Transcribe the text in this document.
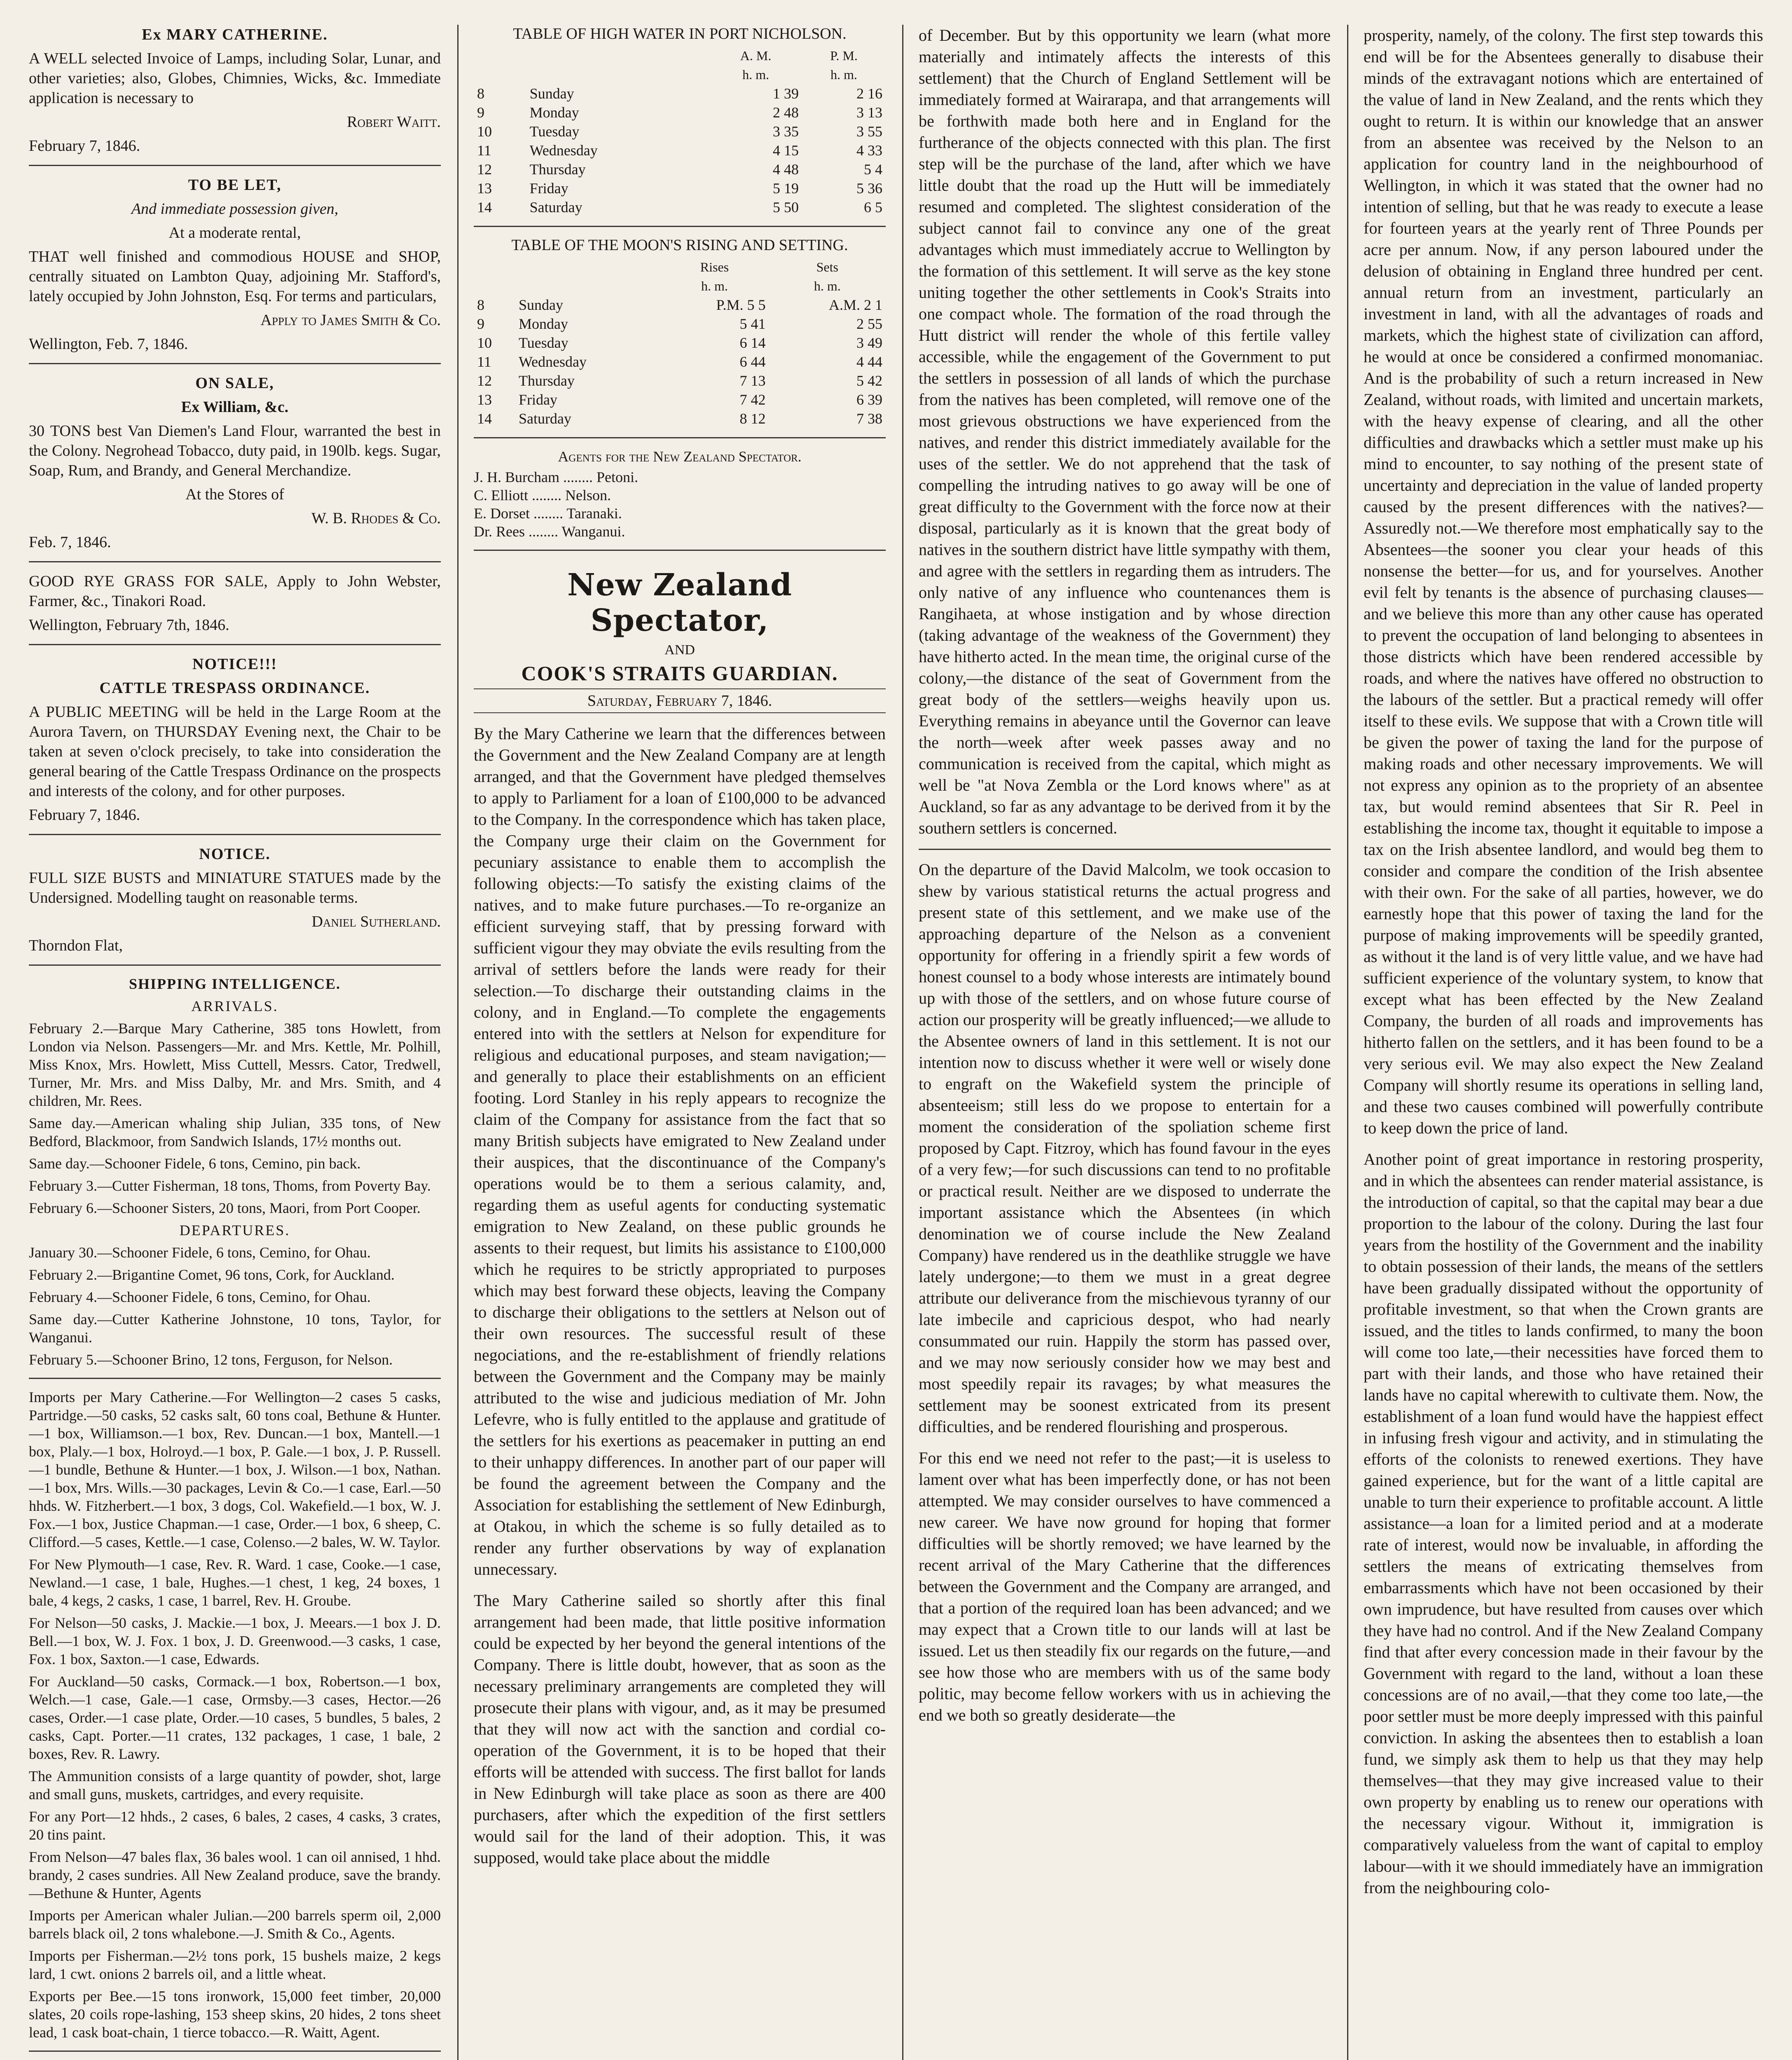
Ex MARY CATHERINE.

A WELL selected Invoice of Lamps, including Solar, Lunar, and other varieties; also, Globes, Chimnies, Wicks, &c. Immediate application is necessary to

Robert Waitt.

February 7, 1846.

TO BE LET,

And immediate possession given,

At a moderate rental,

THAT well finished and commodious HOUSE and SHOP, centrally situated on Lambton Quay, adjoining Mr. Stafford's, lately occupied by John Johnston, Esq. For terms and particulars,

Apply to James Smith & Co.

Wellington, Feb. 7, 1846.

ON SALE,

Ex William, &c.

30 TONS best Van Diemen's Land Flour, warranted the best in the Colony. Negrohead Tobacco, duty paid, in 190lb. kegs. Sugar, Soap, Rum, and Brandy, and General Merchandize.

At the Stores of

W. B. Rhodes & Co.

Feb. 7, 1846.

GOOD RYE GRASS FOR SALE, Apply to John Webster, Farmer, &c., Tinakori Road.

Wellington, February 7th, 1846.

NOTICE!!!

CATTLE TRESPASS ORDINANCE.

A PUBLIC MEETING will be held in the Large Room at the Aurora Tavern, on THURSDAY Evening next, the Chair to be taken at seven o'clock precisely, to take into consideration the general bearing of the Cattle Trespass Ordinance on the prospects and interests of the colony, and for other purposes.

February 7, 1846.

NOTICE.

FULL SIZE BUSTS and MINIATURE STATUES made by the Undersigned. Modelling taught on reasonable terms.

Daniel Sutherland.

Thorndon Flat,

SHIPPING INTELLIGENCE.

ARRIVALS.

February 2.—Barque Mary Catherine, 385 tons Howlett, from London via Nelson. Passengers—Mr. and Mrs. Kettle, Mr. Polhill, Miss Knox, Mrs. Howlett, Miss Cuttell, Messrs. Cator, Tredwell, Turner, Mr. Mrs. and Miss Dalby, Mr. and Mrs. Smith, and 4 children, Mr. Rees.

Same day.—American whaling ship Julian, 335 tons, of New Bedford, Blackmoor, from Sandwich Islands, 17½ months out.

Same day.—Schooner Fidele, 6 tons, Cemino, pin back.

February 3.—Cutter Fisherman, 18 tons, Thoms, from Poverty Bay.

February 6.—Schooner Sisters, 20 tons, Maori, from Port Cooper.

DEPARTURES.

January 30.—Schooner Fidele, 6 tons, Cemino, for Ohau.

February 2.—Brigantine Comet, 96 tons, Cork, for Auckland.

February 4.—Schooner Fidele, 6 tons, Cemino, for Ohau.

Same day.—Cutter Katherine Johnstone, 10 tons, Taylor, for Wanganui.

February 5.—Schooner Brino, 12 tons, Ferguson, for Nelson.

Imports per Mary Catherine.—For Wellington—2 cases 5 casks, Partridge.—50 casks, 52 casks salt, 60 tons coal, Bethune & Hunter.—1 box, Williamson.—1 box, Rev. Duncan.—1 box, Mantell.—1 box, Plaly.—1 box, Holroyd.—1 box, P. Gale.—1 box, J. P. Russell.—1 bundle, Bethune & Hunter.—1 box, J. Wilson.—1 box, Nathan.—1 box, Mrs. Wills.—30 packages, Levin & Co.—1 case, Earl.—50 hhds. W. Fitzherbert.—1 box, 3 dogs, Col. Wakefield.—1 box, W. J. Fox.—1 box, Justice Chapman.—1 case, Order.—1 box, 6 sheep, C. Clifford.—5 cases, Kettle.—1 case, Colenso.—2 bales, W. W. Taylor.

For New Plymouth—1 case, Rev. R. Ward. 1 case, Cooke.—1 case, Newland.—1 case, 1 bale, Hughes.—1 chest, 1 keg, 24 boxes, 1 bale, 4 kegs, 2 casks, 1 case, 1 barrel, Rev. H. Groube.

For Nelson—50 casks, J. Mackie.—1 box, J. Meears.—1 box J. D. Bell.—1 box, W. J. Fox. 1 box, J. D. Greenwood.—3 casks, 1 case, Fox. 1 box, Saxton.—1 case, Edwards.

For Auckland—50 casks, Cormack.—1 box, Robertson.—1 box, Welch.—1 case, Gale.—1 case, Ormsby.—3 cases, Hector.—26 cases, Order.—1 case plate, Order.—10 cases, 5 bundles, 5 bales, 2 casks, Capt. Porter.—11 crates, 132 packages, 1 case, 1 bale, 2 boxes, Rev. R. Lawry.

The Ammunition consists of a large quantity of powder, shot, large and small guns, muskets, cartridges, and every requisite.

For any Port—12 hhds., 2 cases, 6 bales, 2 cases, 4 casks, 3 crates, 20 tins paint.

From Nelson—47 bales flax, 36 bales wool. 1 can oil annised, 1 hhd. brandy, 2 cases sundries. All New Zealand produce, save the brandy.—Bethune & Hunter, Agents

Imports per American whaler Julian.—200 barrels sperm oil, 2,000 barrels black oil, 2 tons whalebone.—J. Smith & Co., Agents.

Imports per Fisherman.—2½ tons pork, 15 bushels maize, 2 kegs lard, 1 cwt. onions 2 barrels oil, and a little wheat.

Exports per Bee.—15 tons ironwork, 15,000 feet timber, 20,000 slates, 20 coils rope-lashing, 153 sheep skins, 20 hides, 2 tons sheet lead, 1 cask boat-chain, 1 tierce tobacco.—R. Waitt, Agent.

TABLE OF HIGH WATER IN PORT NICHOLSON.

		A. M.	P. M.
		h. m.	h. m.
8	Sunday	1 39	2 16
9	Monday	2 48	3 13
10	Tuesday	3 35	3 55
11	Wednesday	4 15	4 33
12	Thursday	4 48	5 4
13	Friday	5 19	5 36
14	Saturday	5 50	6 5

TABLE OF THE MOON'S RISING AND SETTING.

		Rises	Sets
		h. m.	h. m.
8	Sunday	P.M. 5 5	A.M. 2 1
9	Monday	5 41	2 55
10	Tuesday	6 14	3 49
11	Wednesday	6 44	4 44
12	Thursday	7 13	5 42
13	Friday	7 42	6 39
14	Saturday	8 12	7 38

Agents for the New Zealand Spectator.

J. H. Burcham ........ Petoni.

C. Elliott ........ Nelson.

E. Dorset ........ Taranaki.

Dr. Rees ........ Wanganui.

New Zealand Spectator,
AND
COOK'S STRAITS GUARDIAN.
Saturday, February 7, 1846.

By the Mary Catherine we learn that the differences between the Government and the New Zealand Company are at length arranged, and that the Government have pledged themselves to apply to Parliament for a loan of £100,000 to be advanced to the Company. In the correspondence which has taken place, the Company urge their claim on the Government for pecuniary assistance to enable them to accomplish the following objects:—To satisfy the existing claims of the natives, and to make future purchases.—To re-organize an efficient surveying staff, that by pressing forward with sufficient vigour they may obviate the evils resulting from the arrival of settlers before the lands were ready for their selection.—To discharge their outstanding claims in the colony, and in England.—To complete the engagements entered into with the settlers at Nelson for expenditure for religious and educational purposes, and steam navigation;—and generally to place their establishments on an efficient footing. Lord Stanley in his reply appears to recognize the claim of the Company for assistance from the fact that so many British subjects have emigrated to New Zealand under their auspices, that the discontinuance of the Company's operations would be to them a serious calamity, and, regarding them as useful agents for conducting systematic emigration to New Zealand, on these public grounds he assents to their request, but limits his assistance to £100,000 which he requires to be strictly appropriated to purposes which may best forward these objects, leaving the Company to discharge their obligations to the settlers at Nelson out of their own resources. The successful result of these negociations, and the re-establishment of friendly relations between the Government and the Company may be mainly attributed to the wise and judicious mediation of Mr. John Lefevre, who is fully entitled to the applause and gratitude of the settlers for his exertions as peacemaker in putting an end to their unhappy differences. In another part of our paper will be found the agreement between the Company and the Association for establishing the settlement of New Edinburgh, at Otakou, in which the scheme is so fully detailed as to render any further observations by way of explanation unnecessary.

The Mary Catherine sailed so shortly after this final arrangement had been made, that little positive information could be expected by her beyond the general intentions of the Company. There is little doubt, however, that as soon as the necessary preliminary arrangements are completed they will prosecute their plans with vigour, and, as it may be presumed that they will now act with the sanction and cordial co-operation of the Government, it is to be hoped that their efforts will be attended with success. The first ballot for lands in New Edinburgh will take place as soon as there are 400 purchasers, after which the expedition of the first settlers would sail for the land of their adoption. This, it was supposed, would take place about the middle

of December. But by this opportunity we learn (what more materially and intimately affects the interests of this settlement) that the Church of England Settlement will be immediately formed at Wairarapa, and that arrangements will be forthwith made both here and in England for the furtherance of the objects connected with this plan. The first step will be the purchase of the land, after which we have little doubt that the road up the Hutt will be immediately resumed and completed. The slightest consideration of the subject cannot fail to convince any one of the great advantages which must immediately accrue to Wellington by the formation of this settlement. It will serve as the key stone uniting together the other settlements in Cook's Straits into one compact whole. The formation of the road through the Hutt district will render the whole of this fertile valley accessible, while the engagement of the Government to put the settlers in possession of all lands of which the purchase from the natives has been completed, will remove one of the most grievous obstructions we have experienced from the natives, and render this district immediately available for the uses of the settler. We do not apprehend that the task of compelling the intruding natives to go away will be one of great difficulty to the Government with the force now at their disposal, particularly as it is known that the great body of natives in the southern district have little sympathy with them, and agree with the settlers in regarding them as intruders. The only native of any influence who countenances them is Rangihaeta, at whose instigation and by whose direction (taking advantage of the weakness of the Government) they have hitherto acted. In the mean time, the original curse of the colony,—the distance of the seat of Government from the great body of the settlers—weighs heavily upon us. Everything remains in abeyance until the Governor can leave the north—week after week passes away and no communication is received from the capital, which might as well be "at Nova Zembla or the Lord knows where" as at Auckland, so far as any advantage to be derived from it by the southern settlers is concerned.

On the departure of the David Malcolm, we took occasion to shew by various statistical returns the actual progress and present state of this settlement, and we make use of the approaching departure of the Nelson as a convenient opportunity for offering in a friendly spirit a few words of honest counsel to a body whose interests are intimately bound up with those of the settlers, and on whose future course of action our prosperity will be greatly influenced;—we allude to the Absentee owners of land in this settlement. It is not our intention now to discuss whether it were well or wisely done to engraft on the Wakefield system the principle of absenteeism; still less do we propose to entertain for a moment the consideration of the spoliation scheme first proposed by Capt. Fitzroy, which has found favour in the eyes of a very few;—for such discussions can tend to no profitable or practical result. Neither are we disposed to underrate the important assistance which the Absentees (in which denomination we of course include the New Zealand Company) have rendered us in the deathlike struggle we have lately undergone;—to them we must in a great degree attribute our deliverance from the mischievous tyranny of our late imbecile and capricious despot, who had nearly consummated our ruin. Happily the storm has passed over, and we may now seriously consider how we may best and most speedily repair its ravages; by what measures the settlement may be soonest extricated from its present difficulties, and be rendered flourishing and prosperous.

For this end we need not refer to the past;—it is useless to lament over what has been imperfectly done, or has not been attempted. We may consider ourselves to have commenced a new career. We have now ground for hoping that former difficulties will be shortly removed; we have learned by the recent arrival of the Mary Catherine that the differences between the Government and the Company are arranged, and that a portion of the required loan has been advanced; and we may expect that a Crown title to our lands will at last be issued. Let us then steadily fix our regards on the future,—and see how those who are members with us of the same body politic, may become fellow workers with us in achieving the end we both so greatly desiderate—the

prosperity, namely, of the colony. The first step towards this end will be for the Absentees generally to disabuse their minds of the extravagant notions which are entertained of the value of land in New Zealand, and the rents which they ought to return. It is within our knowledge that an answer from an absentee was received by the Nelson to an application for country land in the neighbourhood of Wellington, in which it was stated that the owner had no intention of selling, but that he was ready to execute a lease for fourteen years at the yearly rent of Three Pounds per acre per annum. Now, if any person laboured under the delusion of obtaining in England three hundred per cent. annual return from an investment, particularly an investment in land, with all the advantages of roads and markets, which the highest state of civilization can afford, he would at once be considered a confirmed monomaniac. And is the probability of such a return increased in New Zealand, without roads, with limited and uncertain markets, with the heavy expense of clearing, and all the other difficulties and drawbacks which a settler must make up his mind to encounter, to say nothing of the present state of uncertainty and depreciation in the value of landed property caused by the present differences with the natives?—Assuredly not.—We therefore most emphatically say to the Absentees—the sooner you clear your heads of this nonsense the better—for us, and for yourselves. Another evil felt by tenants is the absence of purchasing clauses—and we believe this more than any other cause has operated to prevent the occupation of land belonging to absentees in those districts which have been rendered accessible by roads, and where the natives have offered no obstruction to the labours of the settler. But a practical remedy will offer itself to these evils. We suppose that with a Crown title will be given the power of taxing the land for the purpose of making roads and other necessary improvements. We will not express any opinion as to the propriety of an absentee tax, but would remind absentees that Sir R. Peel in establishing the income tax, thought it equitable to impose a tax on the Irish absentee landlord, and would beg them to consider and compare the condition of the Irish absentee with their own. For the sake of all parties, however, we do earnestly hope that this power of taxing the land for the purpose of making improvements will be speedily granted, as without it the land is of very little value, and we have had sufficient experience of the voluntary system, to know that except what has been effected by the New Zealand Company, the burden of all roads and improvements has hitherto fallen on the settlers, and it has been found to be a very serious evil. We may also expect the New Zealand Company will shortly resume its operations in selling land, and these two causes combined will powerfully contribute to keep down the price of land.

Another point of great importance in restoring prosperity, and in which the absentees can render material assistance, is the introduction of capital, so that the capital may bear a due proportion to the labour of the colony. During the last four years from the hostility of the Government and the inability to obtain possession of their lands, the means of the settlers have been gradually dissipated without the opportunity of profitable investment, so that when the Crown grants are issued, and the titles to lands confirmed, to many the boon will come too late,—their necessities have forced them to part with their lands, and those who have retained their lands have no capital wherewith to cultivate them. Now, the establishment of a loan fund would have the happiest effect in infusing fresh vigour and activity, and in stimulating the efforts of the colonists to renewed exertions. They have gained experience, but for the want of a little capital are unable to turn their experience to profitable account. A little assistance—a loan for a limited period and at a moderate rate of interest, would now be invaluable, in affording the settlers the means of extricating themselves from embarrassments which have not been occasioned by their own imprudence, but have resulted from causes over which they have had no control. And if the New Zealand Company find that after every concession made in their favour by the Government with regard to the land, without a loan these concessions are of no avail,—that they come too late,—the poor settler must be more deeply impressed with this painful conviction. In asking the absentees then to establish a loan fund, we simply ask them to help us that they may help themselves—that they may give increased value to their own property by enabling us to renew our operations with the necessary vigour. Without it, immigration is comparatively valueless from the want of capital to employ labour—with it we should immediately have an immigration from the neighbouring colo-
